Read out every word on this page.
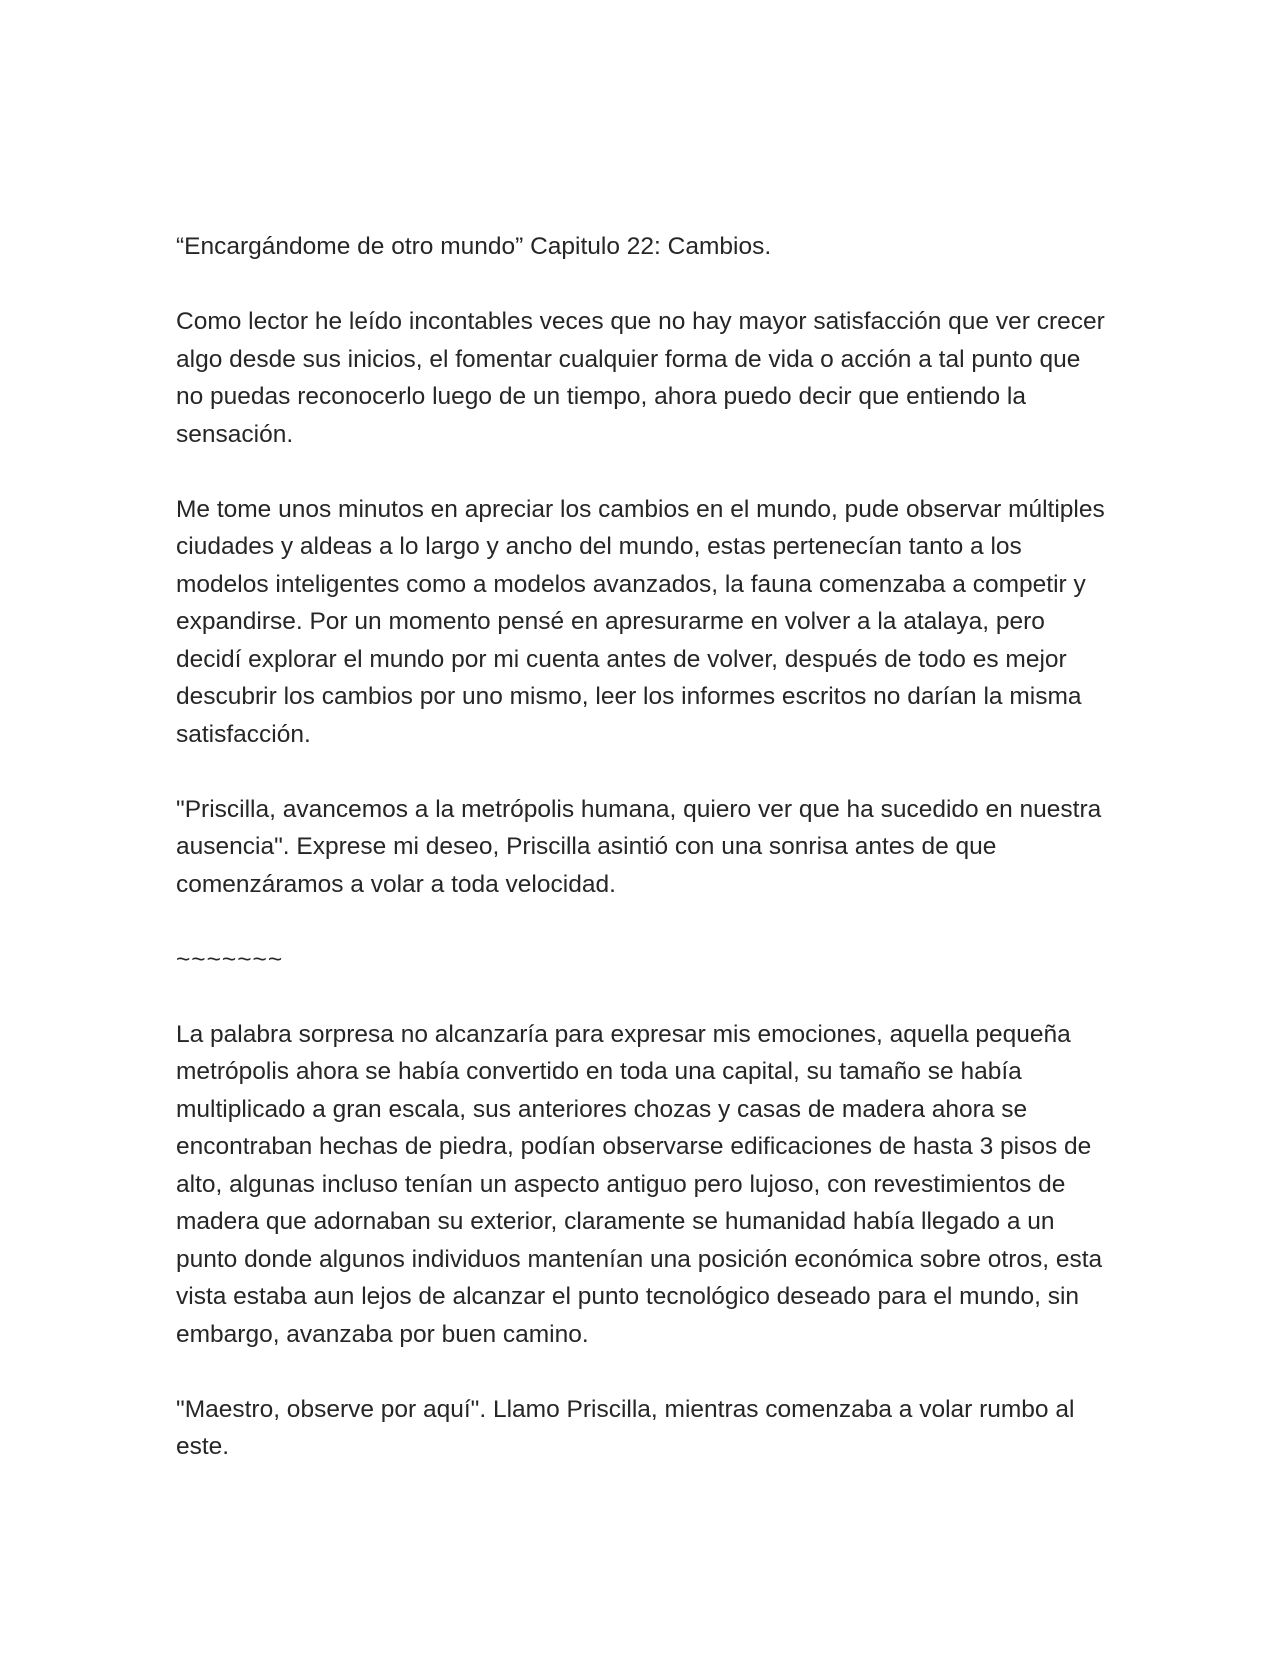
“Encargándome de otro mundo” Capitulo 22: Cambios.

Como lector he leído incontables veces que no hay mayor satisfacción que ver crecer algo desde sus inicios, el fomentar cualquier forma de vida o acción a tal punto que no puedas reconocerlo luego de un tiempo, ahora puedo decir que entiendo la sensación.

Me tome unos minutos en apreciar los cambios en el mundo, pude observar múltiples ciudades y aldeas a lo largo y ancho del mundo, estas pertenecían tanto a los modelos inteligentes como a modelos avanzados, la fauna comenzaba a competir y expandirse. Por un momento pensé en apresurarme en volver a la atalaya, pero decidí explorar el mundo por mi cuenta antes de volver, después de todo es mejor descubrir los cambios por uno mismo, leer los informes escritos no darían la misma satisfacción.

"Priscilla, avancemos a la metrópolis humana, quiero ver que ha sucedido en nuestra ausencia". Exprese mi deseo, Priscilla asintió con una sonrisa antes de que comenzáramos a volar a toda velocidad.

~~~~~~~

La palabra sorpresa no alcanzaría para expresar mis emociones, aquella pequeña metrópolis ahora se había convertido en toda una capital, su tamaño se había multiplicado a gran escala, sus anteriores chozas y casas de madera ahora se encontraban hechas de piedra, podían observarse edificaciones de hasta 3 pisos de alto, algunas incluso tenían un aspecto antiguo pero lujoso, con revestimientos de madera que adornaban su exterior, claramente se humanidad había llegado a un punto donde algunos individuos mantenían una posición económica sobre otros, esta vista estaba aun lejos de alcanzar el punto tecnológico deseado para el mundo, sin embargo, avanzaba por buen camino.

"Maestro, observe por aquí". Llamo Priscilla, mientras comenzaba a volar rumbo al este.
